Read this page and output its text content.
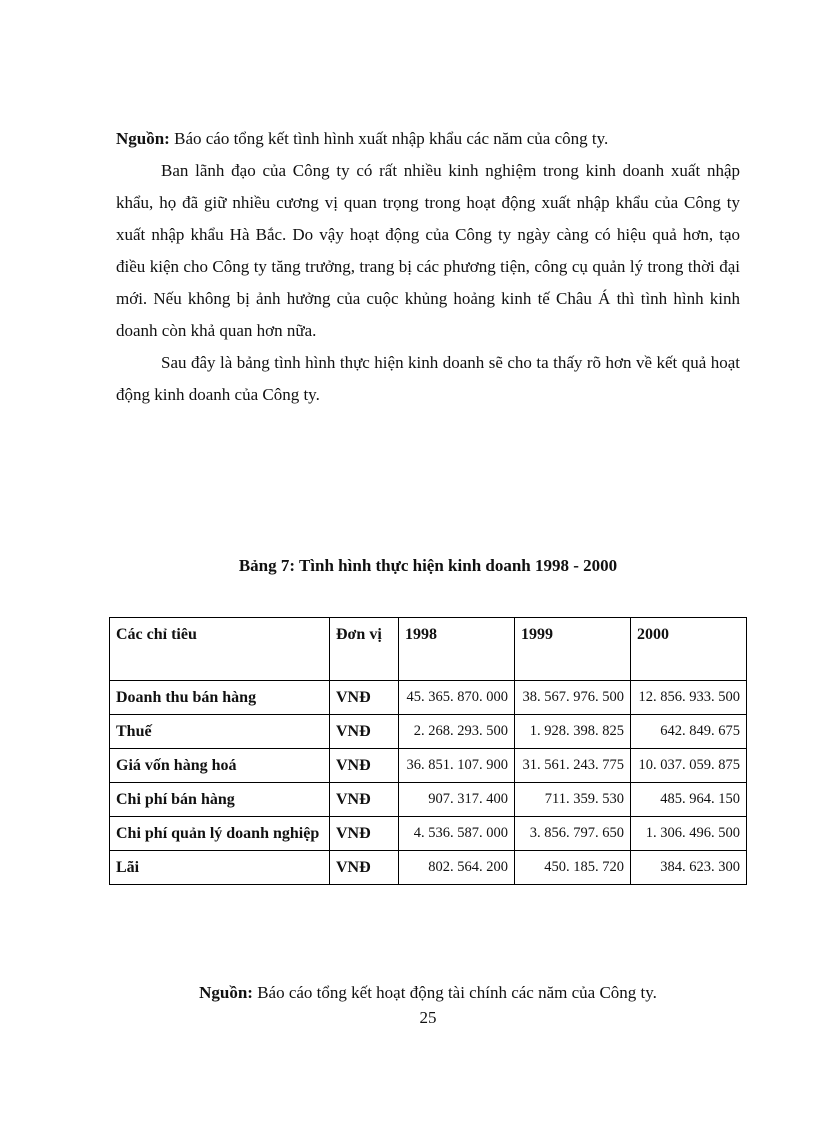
Nguồn: Báo cáo tổng kết tình hình xuất nhập khẩu các năm của công ty.
Ban lãnh đạo của Công ty có rất nhiều kinh nghiệm trong kinh doanh xuất nhập khẩu, họ đã giữ nhiều cương vị quan trọng trong hoạt động xuất nhập khẩu của Công ty xuất nhập khẩu Hà Bắc. Do vậy hoạt động của Công ty ngày càng có hiệu quả hơn, tạo điều kiện cho Công ty tăng trưởng, trang bị các phương tiện, công cụ quản lý trong thời đại mới. Nếu không bị ảnh hưởng của cuộc khủng hoảng kinh tế Châu Á thì tình hình kinh doanh còn khả quan hơn nữa.
Sau đây là bảng tình hình thực hiện kinh doanh sẽ cho ta thấy rõ hơn về kết quả hoạt động kinh doanh của Công ty.
Bảng 7: Tình hình thực hiện kinh doanh 1998 - 2000
Các chỉ tiêu	Đơn vị	1998	1999	2000
Doanh thu bán hàng	VNĐ	45. 365. 870. 000	38. 567. 976. 500	12. 856. 933. 500
Thuế	VNĐ	2. 268. 293. 500	1. 928. 398. 825	642. 849. 675
Giá vốn hàng hoá	VNĐ	36. 851. 107. 900	31. 561. 243. 775	10. 037. 059. 875
Chi phí bán hàng	VNĐ	907. 317. 400	711. 359. 530	485. 964. 150
Chi phí quản lý doanh nghiệp	VNĐ	4. 536. 587. 000	3. 856. 797. 650	1. 306. 496. 500
Lãi	VNĐ	802. 564. 200	450. 185. 720	384. 623. 300
Nguồn: Báo cáo tổng kết hoạt động tài chính các năm của Công ty.
25
